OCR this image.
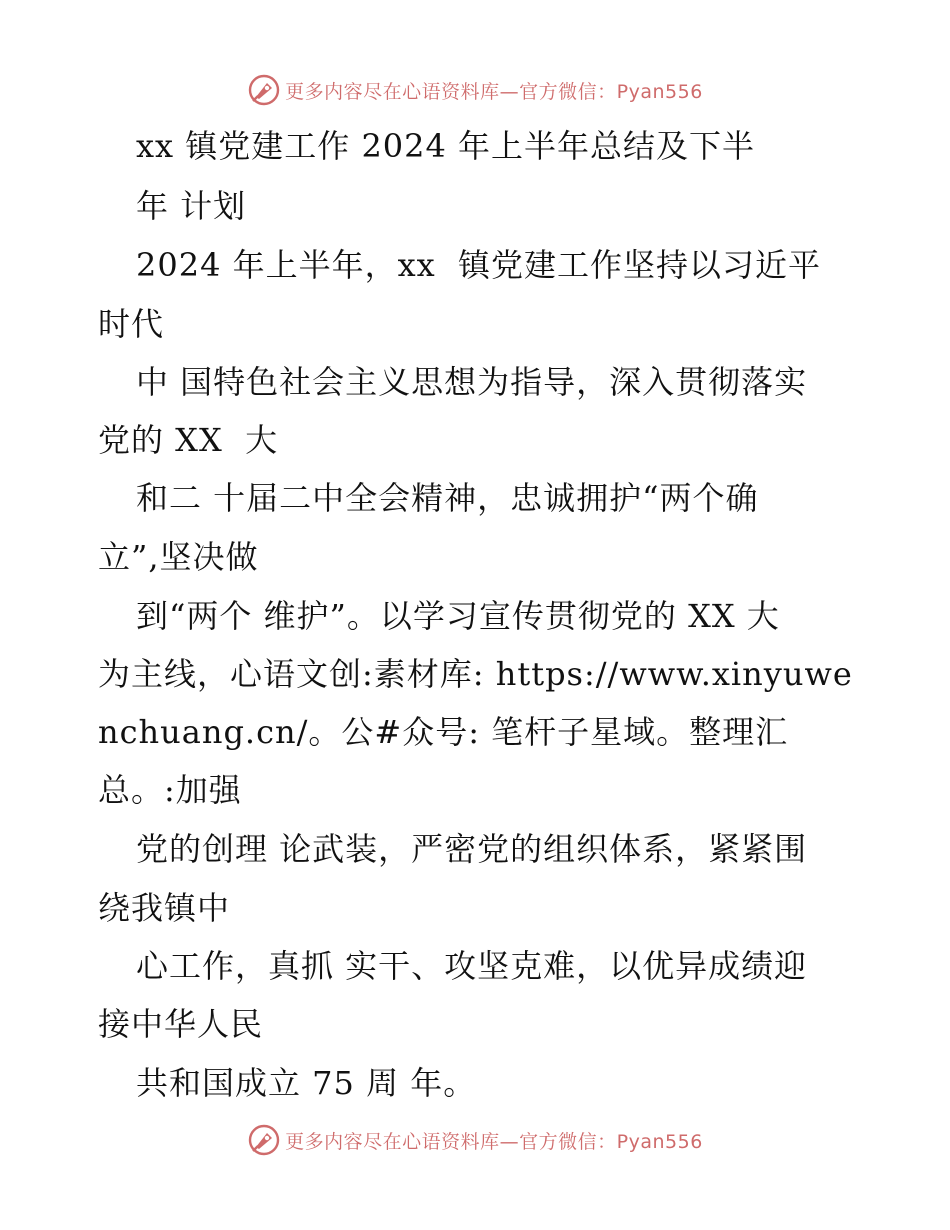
更多内容尽在心语资料库—官方微信：Pyan556
xx 镇党建工作 2024 年上半年总结及下半
年 计划
2024 年上半年，xx  镇党建工作坚持以习近平
时代
中 国特色社会主义思想为指导，深入贯彻落实
党的 XX  大
和二 十届二中全会精神，忠诚拥护“两个确
立”,坚决做
到“两个 维护”。以学习宣传贯彻党的 XX 大
为主线，心语文创:素材库: https://www.xinyuwe
nchuang.cn/。公#众号: 笔杆子星域。整理汇
总。:加强
党的创理 论武装，严密党的组织体系，紧紧围
绕我镇中
心工作，真抓 实干、攻坚克难，以优异成绩迎
接中华人民
共和国成立 75 周 年。
更多内容尽在心语资料库—官方微信：Pyan556
